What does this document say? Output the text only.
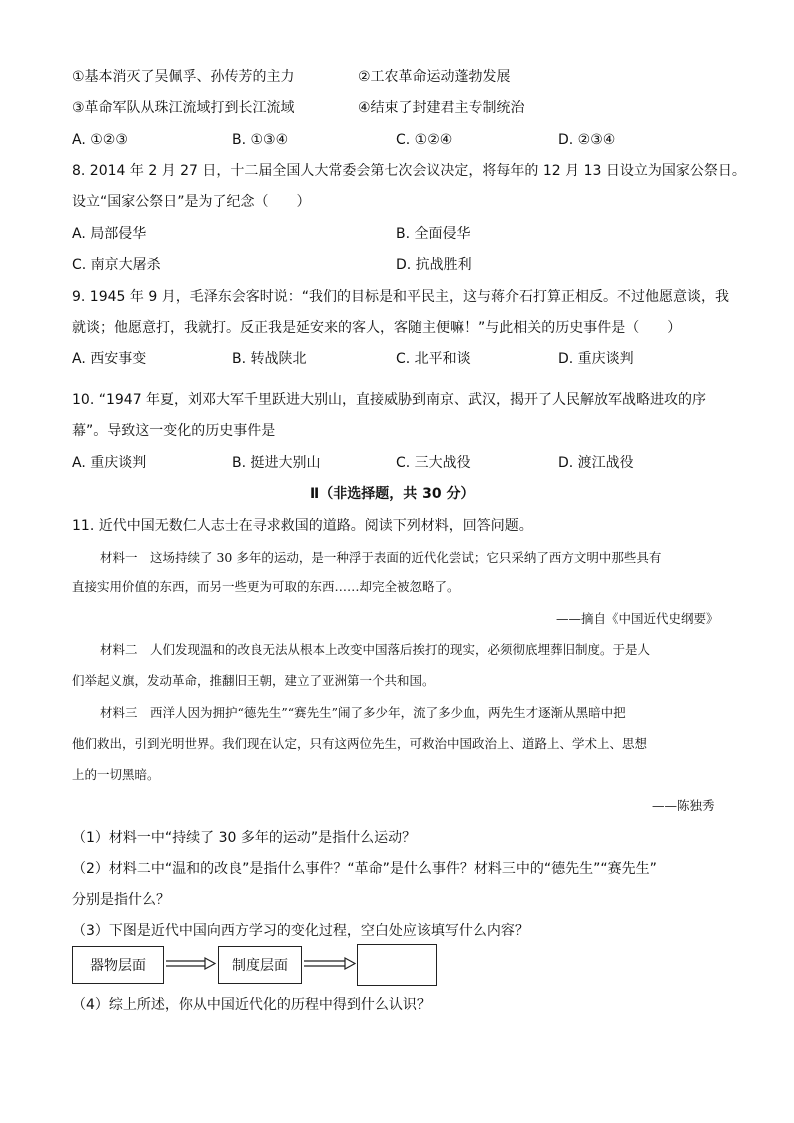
①基本消灭了吴佩孚、孙传芳的主力	②工农革命运动蓬勃发展
③革命军队从珠江流域打到长江流域	④结束了封建君主专制统治
A. ①②③	B. ①③④	C. ①②④	D. ②③④
8. 2014 年 2 月 27 日，十二届全国人大常委会第七次会议决定，将每年的 12 月 13 日设立为国家公祭日。
设立“国家公祭日”是为了纪念（　　）
A. 局部侵华	B. 全面侵华
C. 南京大屠杀	D. 抗战胜利
9. 1945 年 9 月，毛泽东会客时说：“我们的目标是和平民主，这与蒋介石打算正相反。不过他愿意谈，我
就谈；他愿意打，我就打。反正我是延安来的客人，客随主便嘛！”与此相关的历史事件是（　　）
A. 西安事变	B. 转战陕北	C. 北平和谈	D. 重庆谈判
10. “1947 年夏，刘邓大军千里跃进大别山，直接威胁到南京、武汉，揭开了人民解放军战略进攻的序
幕”。导致这一变化的历史事件是
A. 重庆谈判	B. 挺进大别山	C. 三大战役	D. 渡江战役
Ⅱ（非选择题，共 30 分）
11. 近代中国无数仁人志士在寻求救国的道路。阅读下列材料，回答问题。
材料一　这场持续了 30 多年的运动，是一种浮于表面的近代化尝试；它只采纳了西方文明中那些具有
直接实用价值的东西，而另一些更为可取的东西……却完全被忽略了。
——摘自《中国近代史纲要》
材料二　人们发现温和的改良无法从根本上改变中国落后挨打的现实，必须彻底埋葬旧制度。于是人
们举起义旗，发动革命，推翻旧王朝，建立了亚洲第一个共和国。
材料三　西洋人因为拥护“德先生”“赛先生”闹了多少年，流了多少血，两先生才逐渐从黑暗中把
他们救出，引到光明世界。我们现在认定，只有这两位先生，可救治中国政治上、道路上、学术上、思想
上的一切黑暗。
——陈独秀
（1）材料一中“持续了 30 多年的运动”是指什么运动？
（2）材料二中“温和的改良”是指什么事件？“革命”是什么事件？材料三中的“德先生”“赛先生”
分别是指什么？
（3）下图是近代中国向西方学习的变化过程，空白处应该填写什么内容？
器物层面	制度层面
（4）综上所述，你从中国近代化的历程中得到什么认识？
